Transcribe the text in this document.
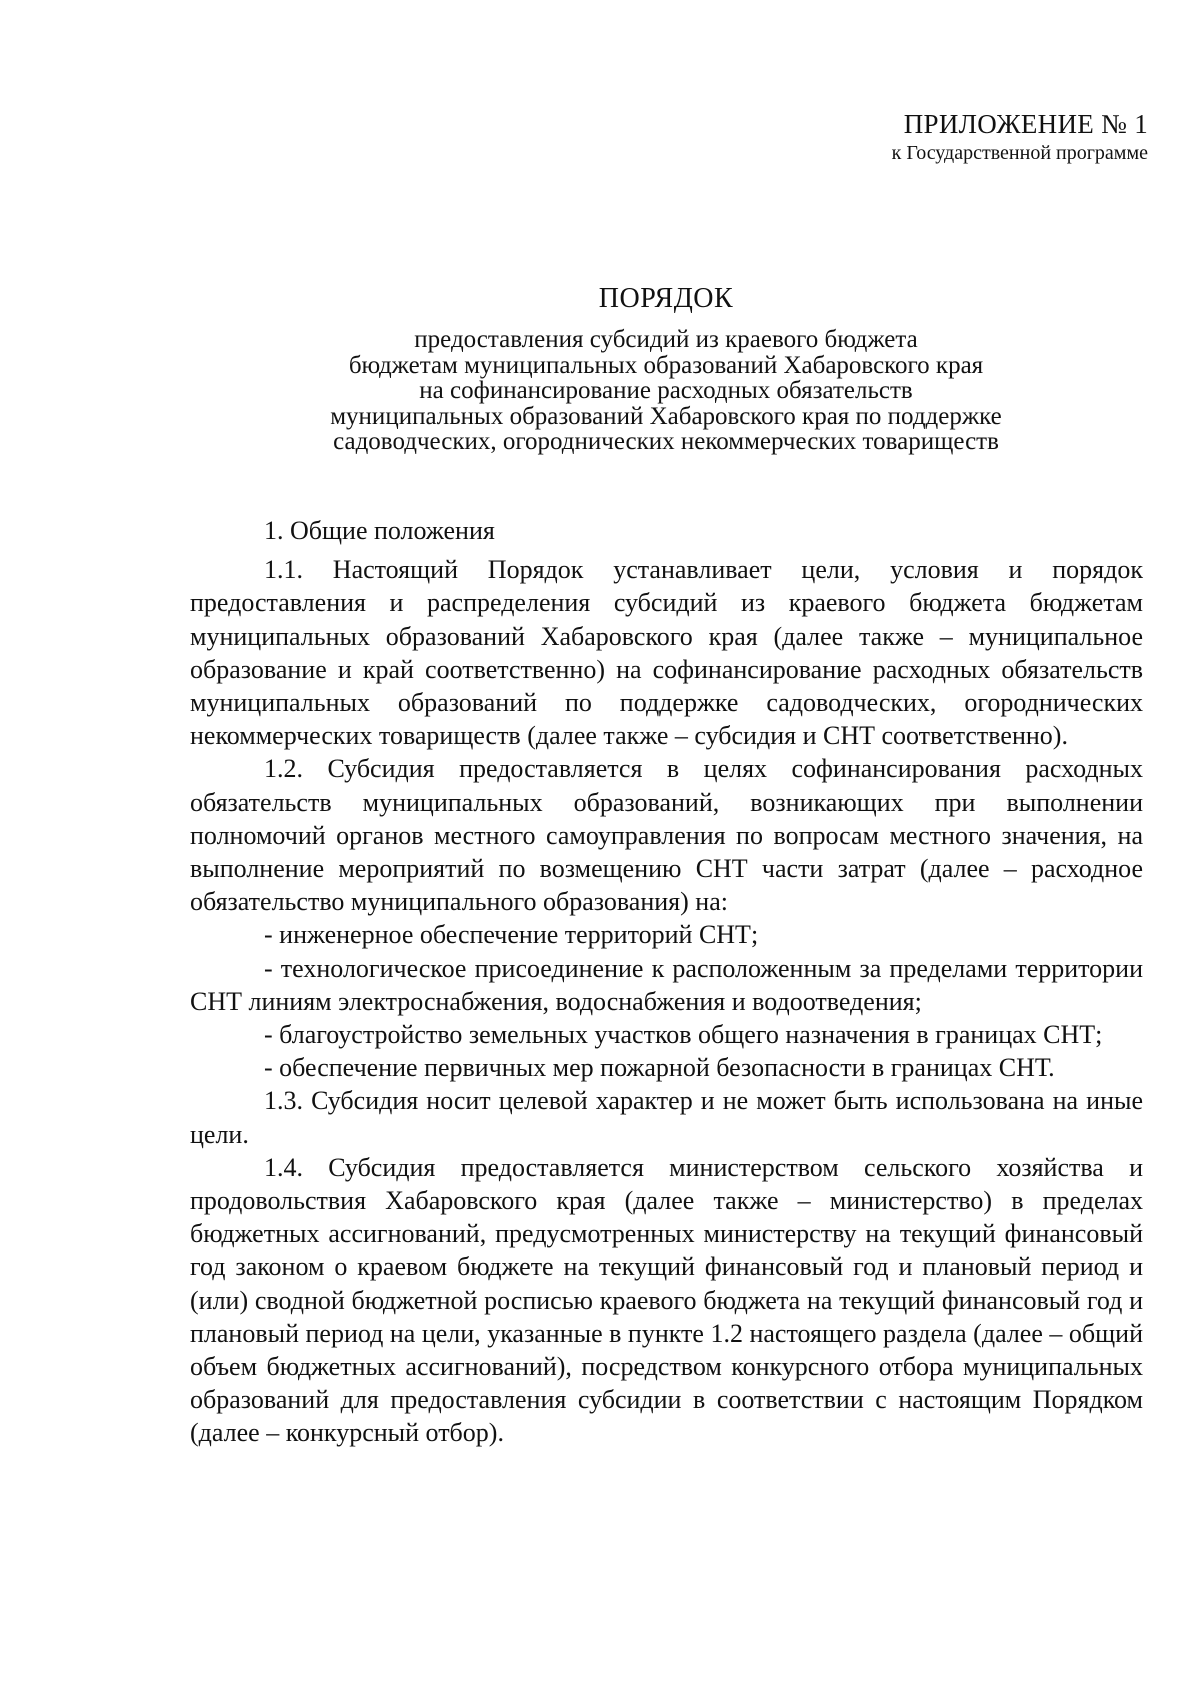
ПРИЛОЖЕНИЕ № 1
к Государственной программе
ПОРЯДОК
предоставления субсидий из краевого бюджета
бюджетам муниципальных образований Хабаровского края
на софинансирование расходных обязательств
муниципальных образований Хабаровского края по поддержке
садоводческих, огороднических некоммерческих товариществ
1. Общие положения

1.1. Настоящий Порядок устанавливает цели, условия и порядок предоставления и распределения субсидий из краевого бюджета бюджетам муниципальных образований Хабаровского края (далее также – муниципальное образование и край соответственно) на софинансирование расходных обязательств муниципальных образований по поддержке садоводческих, огороднических некоммерческих товариществ (далее также – субсидия и СНТ соответственно).

1.2. Субсидия предоставляется в целях софинансирования расходных обязательств муниципальных образований, возникающих при выполнении полномочий органов местного самоуправления по вопросам местного значения, на выполнение мероприятий по возмещению СНТ части затрат (далее – расходное обязательство муниципального образования) на:

- инженерное обеспечение территорий СНТ;

- технологическое присоединение к расположенным за пределами территории СНТ линиям электроснабжения, водоснабжения и водоотведения;

- благоустройство земельных участков общего назначения в границах СНТ;

- обеспечение первичных мер пожарной безопасности в границах СНТ.

1.3. Субсидия носит целевой характер и не может быть использована на иные цели.

1.4. Субсидия предоставляется министерством сельского хозяйства и продовольствия Хабаровского края (далее также – министерство) в пределах бюджетных ассигнований, предусмотренных министерству на текущий финансовый год законом о краевом бюджете на текущий финансовый год и плановый период и (или) сводной бюджетной росписью краевого бюджета на текущий финансовый год и плановый период на цели, указанные в пункте 1.2 настоящего раздела (далее – общий объем бюджетных ассигнований), посредством конкурсного отбора муниципальных образований для предоставления субсидии в соответствии с настоящим Порядком (далее – конкурсный отбор).
